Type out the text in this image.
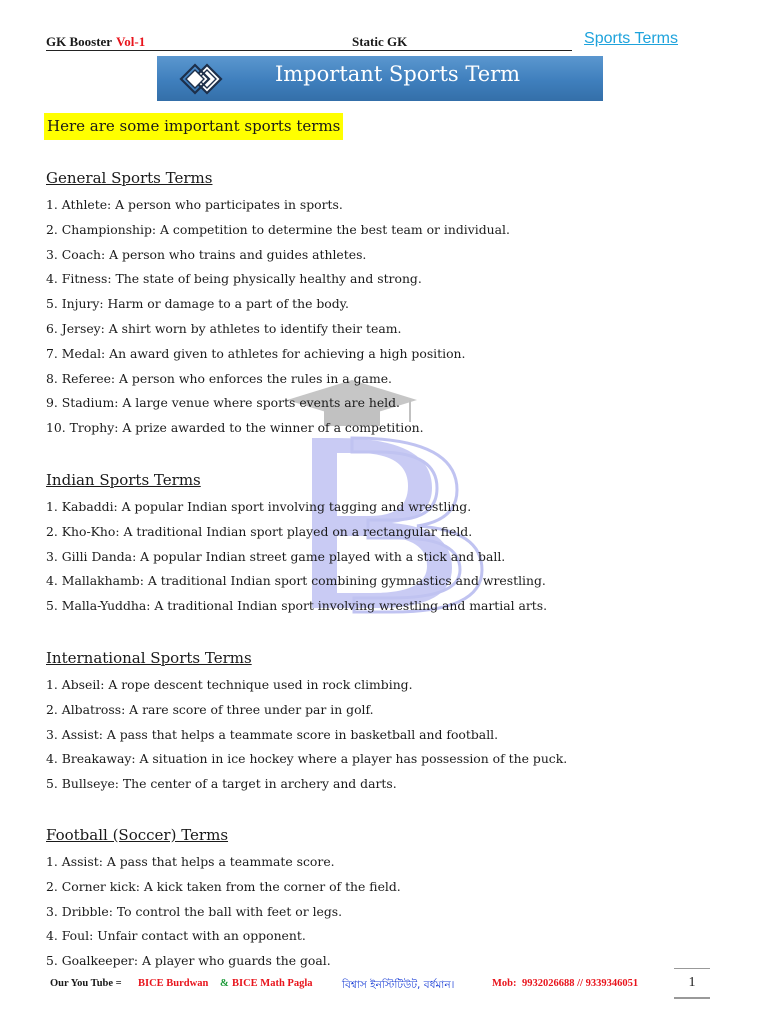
GK Booster Vol-1	Static GK	Sports Terms
Important Sports Term
Here are some important sports terms
General Sports Terms
1. Athlete: A person who participates in sports.
2. Championship: A competition to determine the best team or individual.
3. Coach: A person who trains and guides athletes.
4. Fitness: The state of being physically healthy and strong.
5. Injury: Harm or damage to a part of the body.
6. Jersey: A shirt worn by athletes to identify their team.
7. Medal: An award given to athletes for achieving a high position.
8. Referee: A person who enforces the rules in a game.
9. Stadium: A large venue where sports events are held.
10. Trophy: A prize awarded to the winner of a competition.
Indian Sports Terms
1. Kabaddi: A popular Indian sport involving tagging and wrestling.
2. Kho-Kho: A traditional Indian sport played on a rectangular field.
3. Gilli Danda: A popular Indian street game played with a stick and ball.
4. Mallakhamb: A traditional Indian sport combining gymnastics and wrestling.
5. Malla-Yuddha: A traditional Indian sport involving wrestling and martial arts.
International Sports Terms
1. Abseil: A rope descent technique used in rock climbing.
2. Albatross: A rare score of three under par in golf.
3. Assist: A pass that helps a teammate score in basketball and football.
4. Breakaway: A situation in ice hockey where a player has possession of the puck.
5. Bullseye: The center of a target in archery and darts.
Football (Soccer) Terms
1. Assist: A pass that helps a teammate score.
2. Corner kick: A kick taken from the corner of the field.
3. Dribble: To control the ball with feet or legs.
4. Foul: Unfair contact with an opponent.
5. Goalkeeper: A player who guards the goal.
Our You Tube = BICE Burdwan & BICE Math Pagla	বিশ্বাস ইনস্টিটিউট, বর্ধমান।	Mob: 9932026688 // 9339346051	1
